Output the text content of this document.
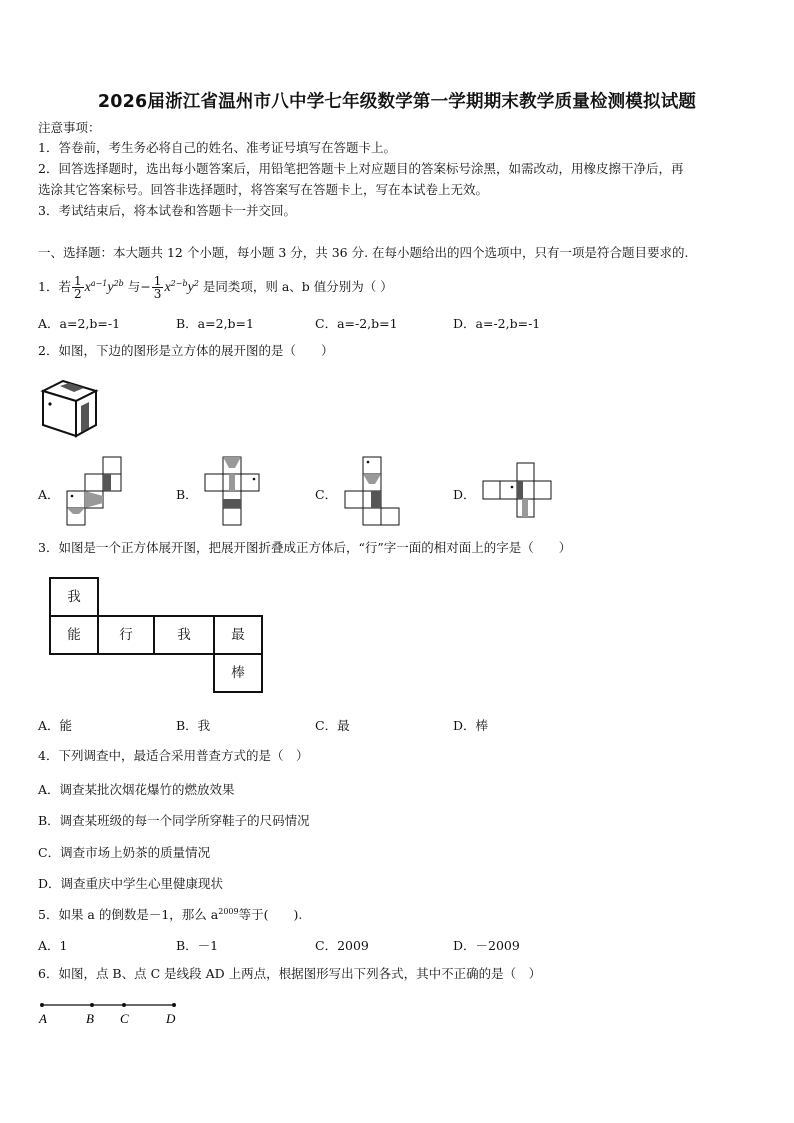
2026届浙江省温州市八中学七年级数学第一学期期末教学质量检测模拟试题
注意事项：
1．答卷前，考生务必将自己的姓名、准考证号填写在答题卡上。
2．回答选择题时，选出每小题答案后，用铅笔把答题卡上对应题目的答案标号涂黑，如需改动，用橡皮擦干净后，再
选涂其它答案标号。回答非选择题时，将答案写在答题卡上，写在本试卷上无效。
3．考试结束后，将本试卷和答题卡一并交回。
一、选择题：本大题共 12 个小题，每小题 3 分，共 36 分. 在每小题给出的四个选项中，只有一项是符合题目要求的.
1．若 $\frac{1}{2} x^{a-1}y^{2b}$ 与− $\frac{1}{3} x^{2-b}y^2$ 是同类项，则 a、b 值分别为（ ）
A．a=2,b=-1	B．a=2,b=1	C．a=-2,b=1	D．a=-2,b=-1
2．如图，下边的图形是立方体的展开图的是（　　）
A．	B．	C．	D．
3．如图是一个正方体展开图，把展开图折叠成正方体后，“行”字一面的相对面上的字是（　　）
我
能	行	我	最
棒
A．能	B．我	C．最	D．棒
4．下列调查中，最适合采用普查方式的是（　）
A．调查某批次烟花爆竹的燃放效果
B．调查某班级的每一个同学所穿鞋子的尺码情况
C．调查市场上奶茶的质量情况
D．调查重庆中学生心里健康现状
5．如果 a 的倒数是－1，那么 $a^{2009}$等于(　　).
A．1	B．－1	C．2009	D．－2009
6．如图，点 B、点 C 是线段 AD 上两点，根据图形写出下列各式，其中不正确的是（　）
A	B C	D
